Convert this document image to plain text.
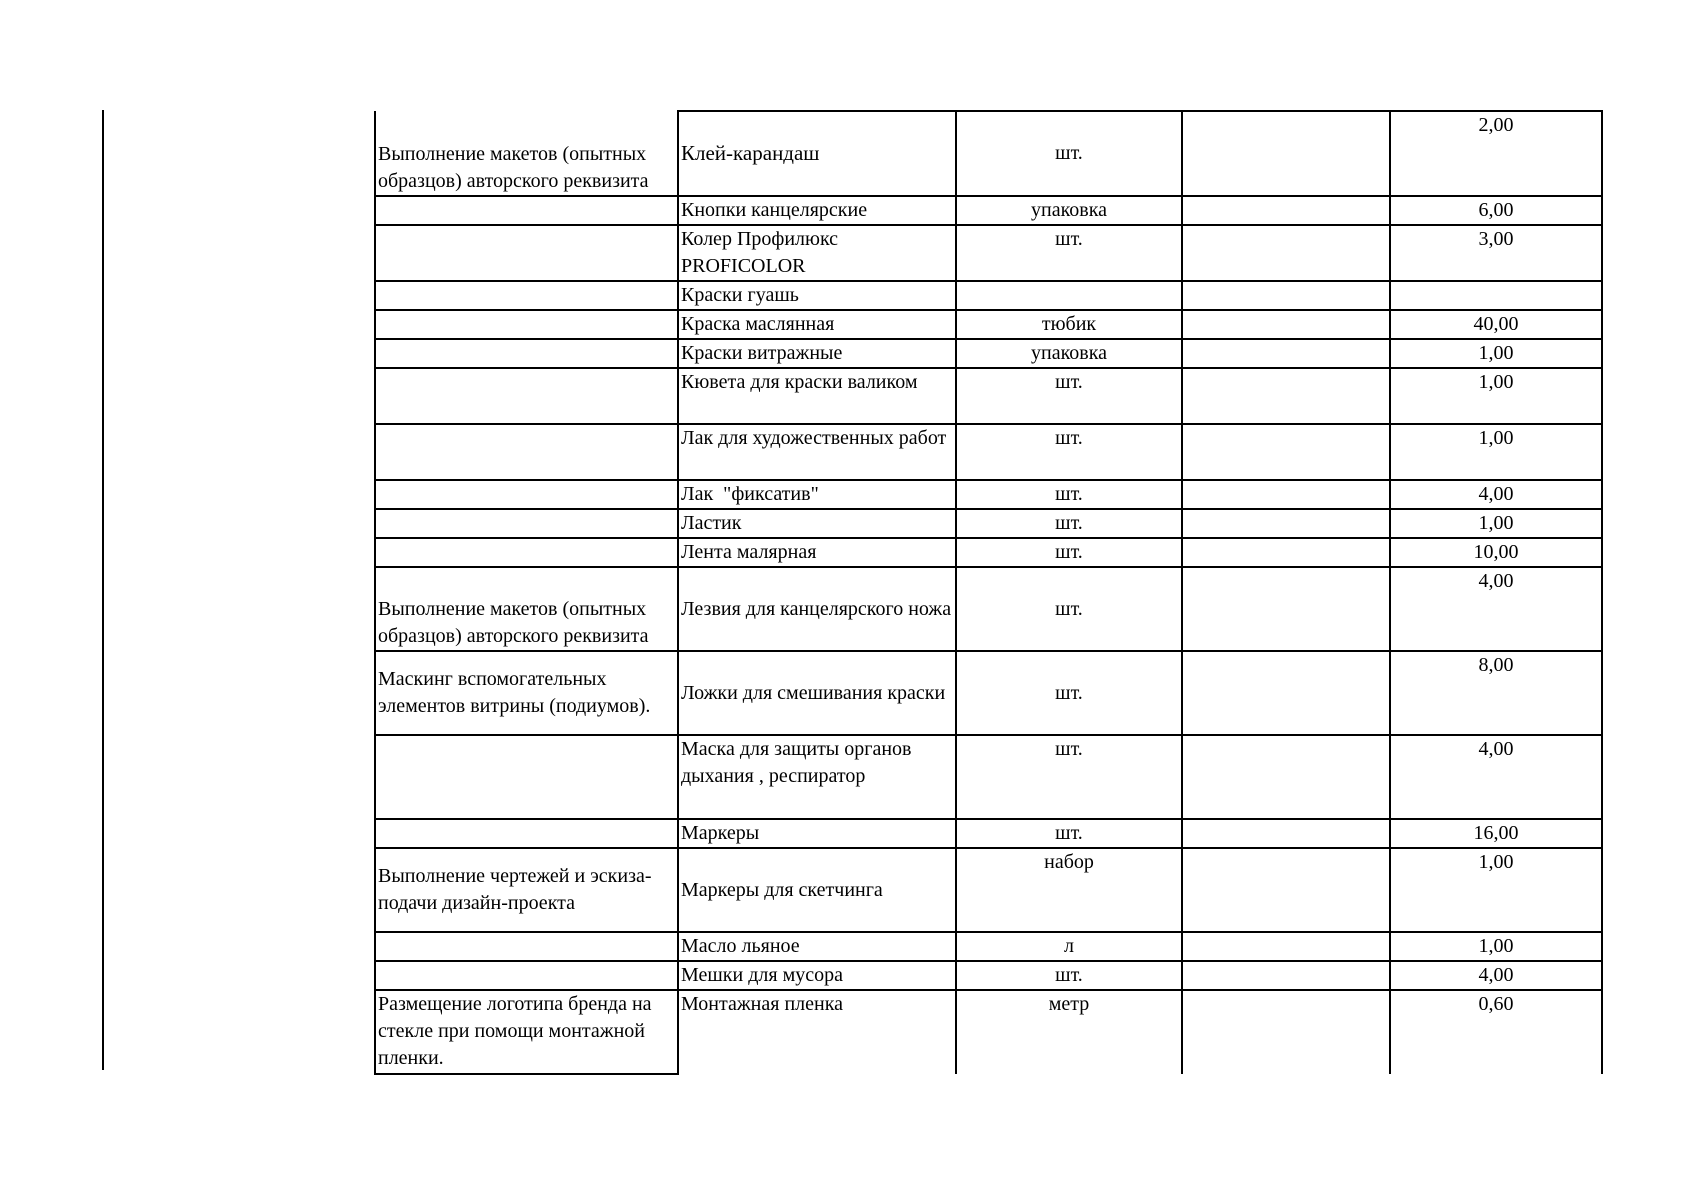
Выполнение макетов (опытных образцов) авторского реквизита	Клей-карандаш	шт.		2,00
	Кнопки канцелярские	упаковка		6,00
	Колер Профилюкс PROFICOLOR	шт.		3,00
	Краски гуашь			
	Краска маслянная	тюбик		40,00
	Краски витражные	упаковка		1,00
	Кювета для краски валиком	шт.		1,00
	Лак для художественных работ	шт.		1,00
	Лак  "фиксатив"	шт.		4,00
	Ластик	шт.		1,00
	Лента малярная	шт.		10,00
Выполнение макетов (опытных образцов) авторского реквизита	Лезвия для канцелярского ножа	шт.		4,00
Маскинг вспомогательных элементов витрины (подиумов).	Ложки для смешивания краски	шт.		8,00
	Маска для защиты органов дыхания , респиратор	шт.		4,00
	Маркеры	шт.		16,00
Выполнение чертежей и эскиза-подачи дизайн-проекта	Маркеры для скетчинга	набор		1,00
	Масло льяное	л		1,00
	Мешки для мусора	шт.		4,00
Размещение логотипа бренда на стекле при помощи монтажной пленки.	Монтажная пленка	метр		0,60
